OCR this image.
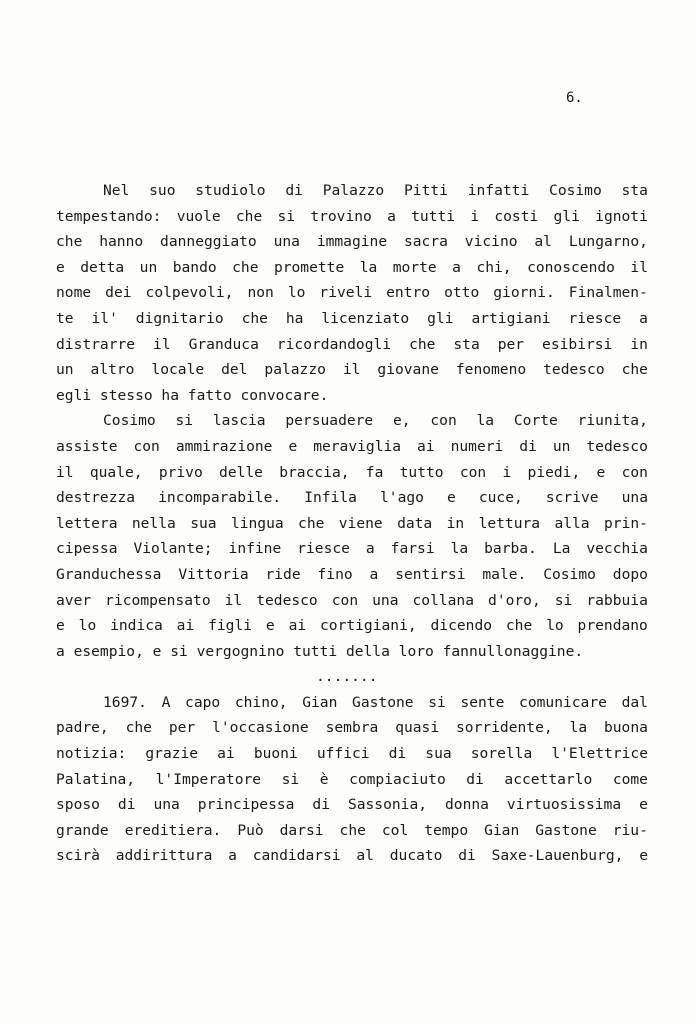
6.
Nel suo studiolo di Palazzo Pitti infatti Cosimo sta
tempestando: vuole che si trovino a tutti i costi gli ignoti
che hanno danneggiato una immagine sacra vicino al Lungarno,
e detta un bando che promette la morte a chi, conoscendo il
nome dei colpevoli, non lo riveli entro otto giorni. Finalmen-
te il' dignitario che ha licenziato gli artigiani riesce a
distrarre il Granduca ricordandogli che sta per esibirsi in
un altro locale del palazzo il giovane fenomeno tedesco che
egli stesso ha fatto convocare.
Cosimo si lascia persuadere e, con la Corte riunita,
assiste con ammirazione e meraviglia ai numeri di un tedesco
il quale, privo delle braccia, fa tutto con i piedi, e con
destrezza incomparabile. Infila l'ago e cuce, scrive una
lettera nella sua lingua che viene data in lettura alla prin-
cipessa Violante; infine riesce a farsi la barba. La vecchia
Granduchessa Vittoria ride fino a sentirsi male. Cosimo dopo
aver ricompensato il tedesco con una collana d'oro, si rabbuia
e lo indica ai figli e ai cortigiani, dicendo che lo prendano
a esempio, e si vergognino tutti della loro fannullonaggine.
.......
1697. A capo chino, Gian Gastone si sente comunicare dal
padre, che per l'occasione sembra quasi sorridente, la buona
notizia: grazie ai buoni uffici di sua sorella l'Elettrice
Palatina, l'Imperatore si è compiaciuto di accettarlo come
sposo di una principessa di Sassonia, donna virtuosissima e
grande ereditiera. Può darsi che col tempo Gian Gastone riu-
scirà addirittura a candidarsi al ducato di Saxe-Lauenburg, e
